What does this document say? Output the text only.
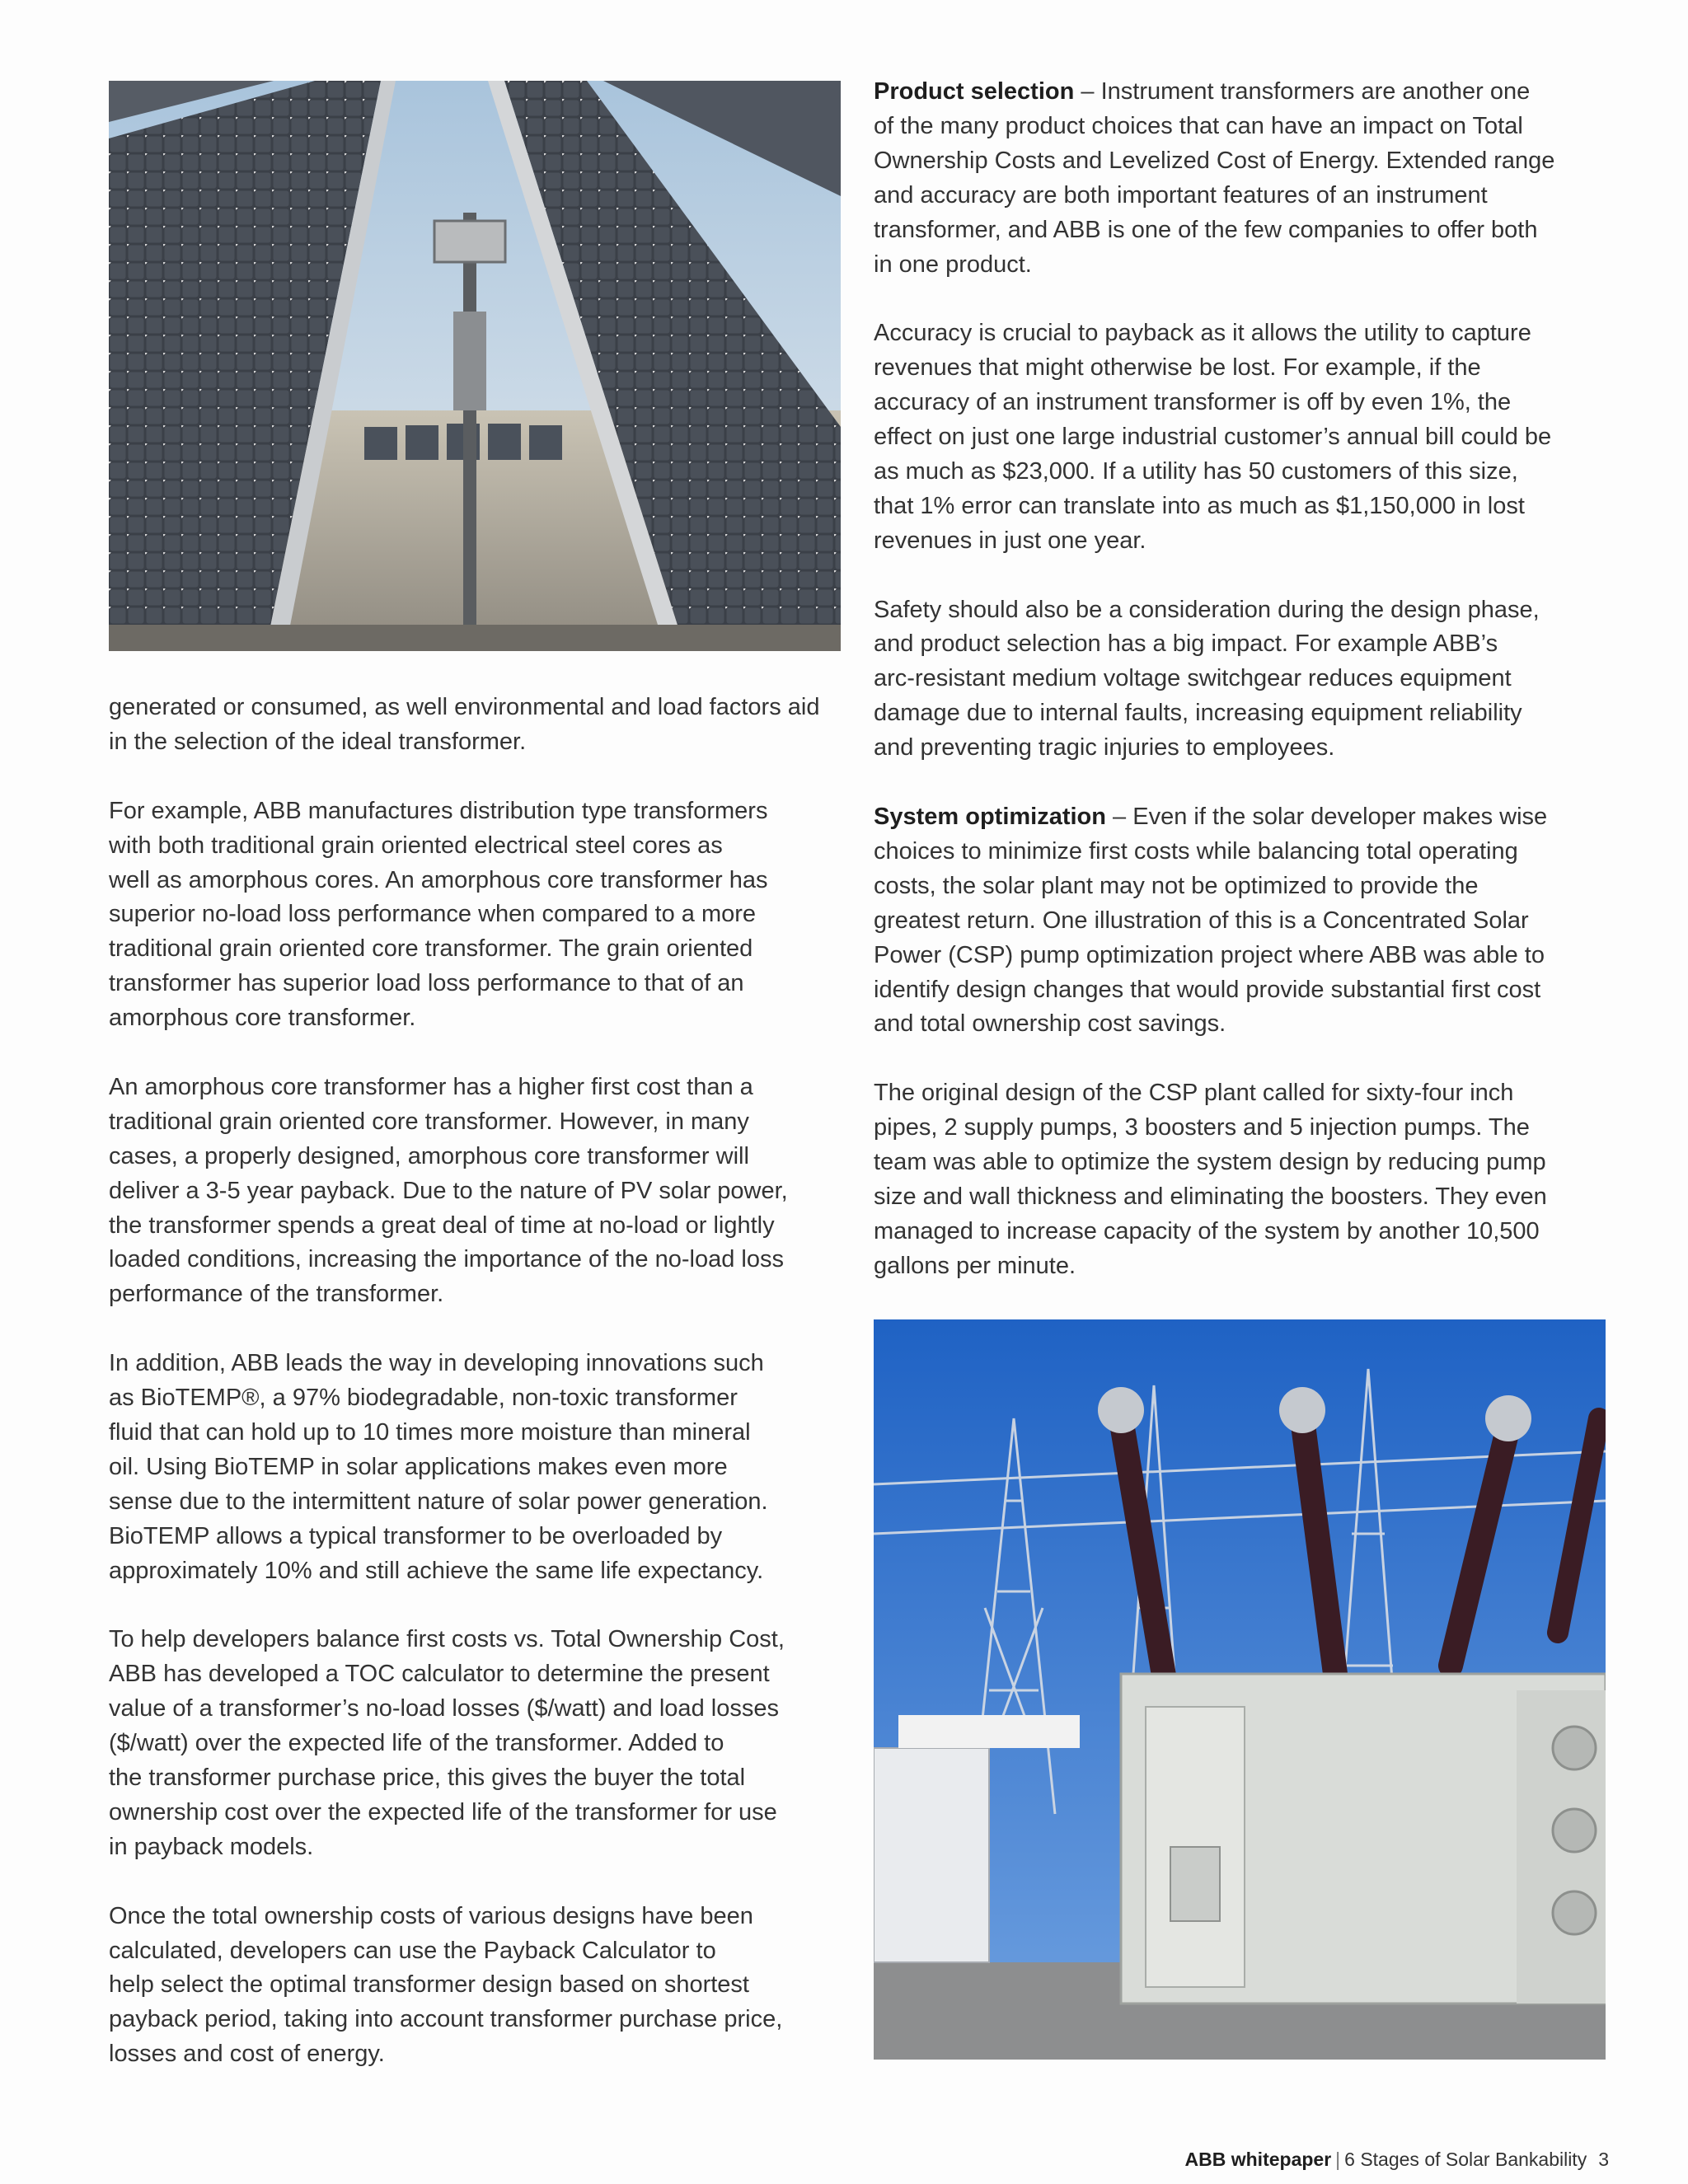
generated or consumed, as well environmental and load factors aid in the selection of the ideal transformer.

For example, ABB manufactures distribution type transformers
with both traditional grain oriented electrical steel cores as
well as amorphous cores. An amorphous core transformer has
superior no-load loss performance when compared to a more
traditional grain oriented core transformer. The grain oriented
transformer has superior load loss performance to that of an
amorphous core transformer.

An amorphous core transformer has a higher first cost than a
traditional grain oriented core transformer. However, in many
cases, a properly designed, amorphous core transformer will
deliver a 3-5 year payback. Due to the nature of PV solar power,
the transformer spends a great deal of time at no-load or lightly
loaded conditions, increasing the importance of the no-load loss
performance of the transformer.

In addition, ABB leads the way in developing innovations such
as BioTEMP®, a 97% biodegradable, non-toxic transformer
fluid that can hold up to 10 times more moisture than mineral
oil. Using BioTEMP in solar applications makes even more
sense due to the intermittent nature of solar power generation.
BioTEMP allows a typical transformer to be overloaded by
approximately 10% and still achieve the same life expectancy.

To help developers balance first costs vs. Total Ownership Cost,
ABB has developed a TOC calculator to determine the present
value of a transformer’s no-load losses ($/watt) and load losses
($/watt) over the expected life of the transformer. Added to
the transformer purchase price, this gives the buyer the total
ownership cost over the expected life of the transformer for use
in payback models.

Once the total ownership costs of various designs have been
calculated, developers can use the Payback Calculator to
help select the optimal transformer design based on shortest
payback period, taking into account transformer purchase price,
losses and cost of energy.

Product selection – Instrument transformers are another one
of the many product choices that can have an impact on Total
Ownership Costs and Levelized Cost of Energy. Extended range
and accuracy are both important features of an instrument
transformer, and ABB is one of the few companies to offer both
in one product.

Accuracy is crucial to payback as it allows the utility to capture
revenues that might otherwise be lost. For example, if the
accuracy of an instrument transformer is off by even 1%, the
effect on just one large industrial customer’s annual bill could be
as much as $23,000. If a utility has 50 customers of this size,
that 1% error can translate into as much as $1,150,000 in lost
revenues in just one year.

Safety should also be a consideration during the design phase,
and product selection has a big impact. For example ABB’s
arc-resistant medium voltage switchgear reduces equipment
damage due to internal faults, increasing equipment reliability
and preventing tragic injuries to employees.

System optimization – Even if the solar developer makes wise
choices to minimize first costs while balancing total operating
costs, the solar plant may not be optimized to provide the
greatest return. One illustration of this is a Concentrated Solar
Power (CSP) pump optimization project where ABB was able to
identify design changes that would provide substantial first cost
and total ownership cost savings.

The original design of the CSP plant called for sixty-four inch
pipes, 2 supply pumps, 3 boosters and 5 injection pumps. The
team was able to optimize the system design by reducing pump
size and wall thickness and eliminating the boosters. They even
managed to increase capacity of the system by another 10,500
gallons per minute.

ABB whitepaper | 6 Stages of Solar Bankability 3
